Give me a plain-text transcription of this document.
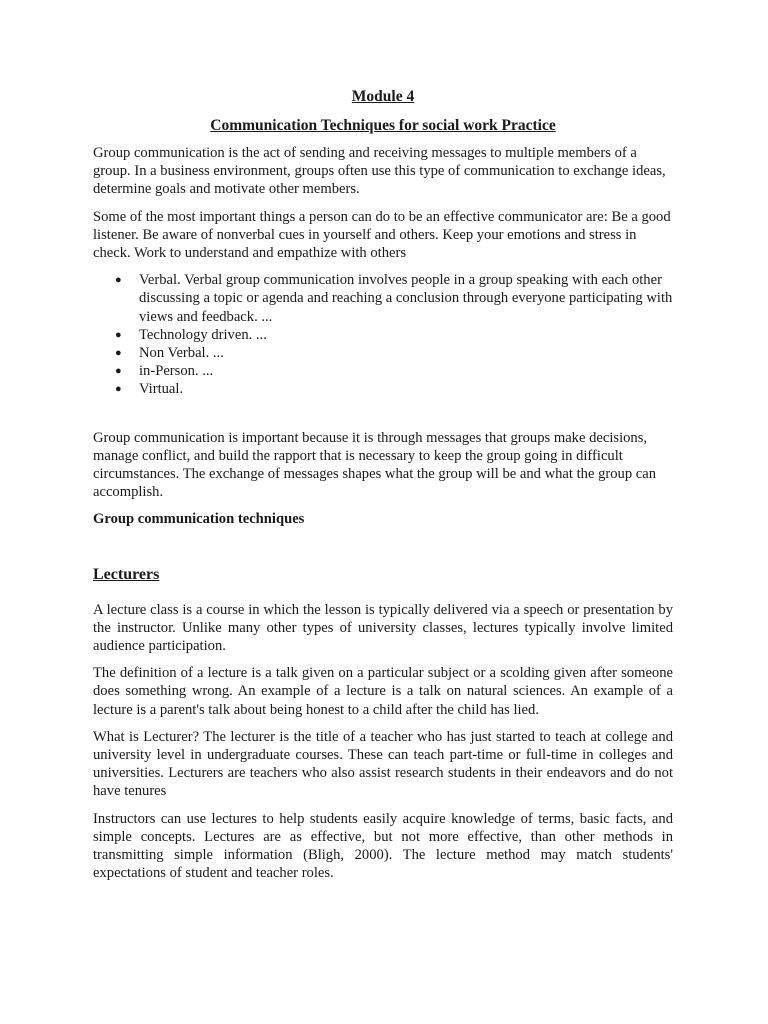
Module 4
Communication Techniques for social work Practice

Group communication is the act of sending and receiving messages to multiple members of a group. In a business environment, groups often use this type of communication to exchange ideas, determine goals and motivate other members.

Some of the most important things a person can do to be an effective communicator are: Be a good listener. Be aware of nonverbal cues in yourself and others. Keep your emotions and stress in check. Work to understand and empathize with others

● Verbal. Verbal group communication involves people in a group speaking with each other discussing a topic or agenda and reaching a conclusion through everyone participating with views and feedback. ...
● Technology driven. ...
● Non Verbal. ...
● in-Person. ...
● Virtual.

Group communication is important because it is through messages that groups make decisions, manage conflict, and build the rapport that is necessary to keep the group going in difficult circumstances. The exchange of messages shapes what the group will be and what the group can accomplish.

Group communication techniques

Lecturers

A lecture class is a course in which the lesson is typically delivered via a speech or presentation by the instructor. Unlike many other types of university classes, lectures typically involve limited audience participation.

The definition of a lecture is a talk given on a particular subject or a scolding given after someone does something wrong. An example of a lecture is a talk on natural sciences. An example of a lecture is a parent's talk about being honest to a child after the child has lied.

What is Lecturer? The lecturer is the title of a teacher who has just started to teach at college and university level in undergraduate courses. These can teach part-time or full-time in colleges and universities. Lecturers are teachers who also assist research students in their endeavors and do not have tenures

Instructors can use lectures to help students easily acquire knowledge of terms, basic facts, and simple concepts. Lectures are as effective, but not more effective, than other methods in transmitting simple information (Bligh, 2000). The lecture method may match students' expectations of student and teacher roles.
